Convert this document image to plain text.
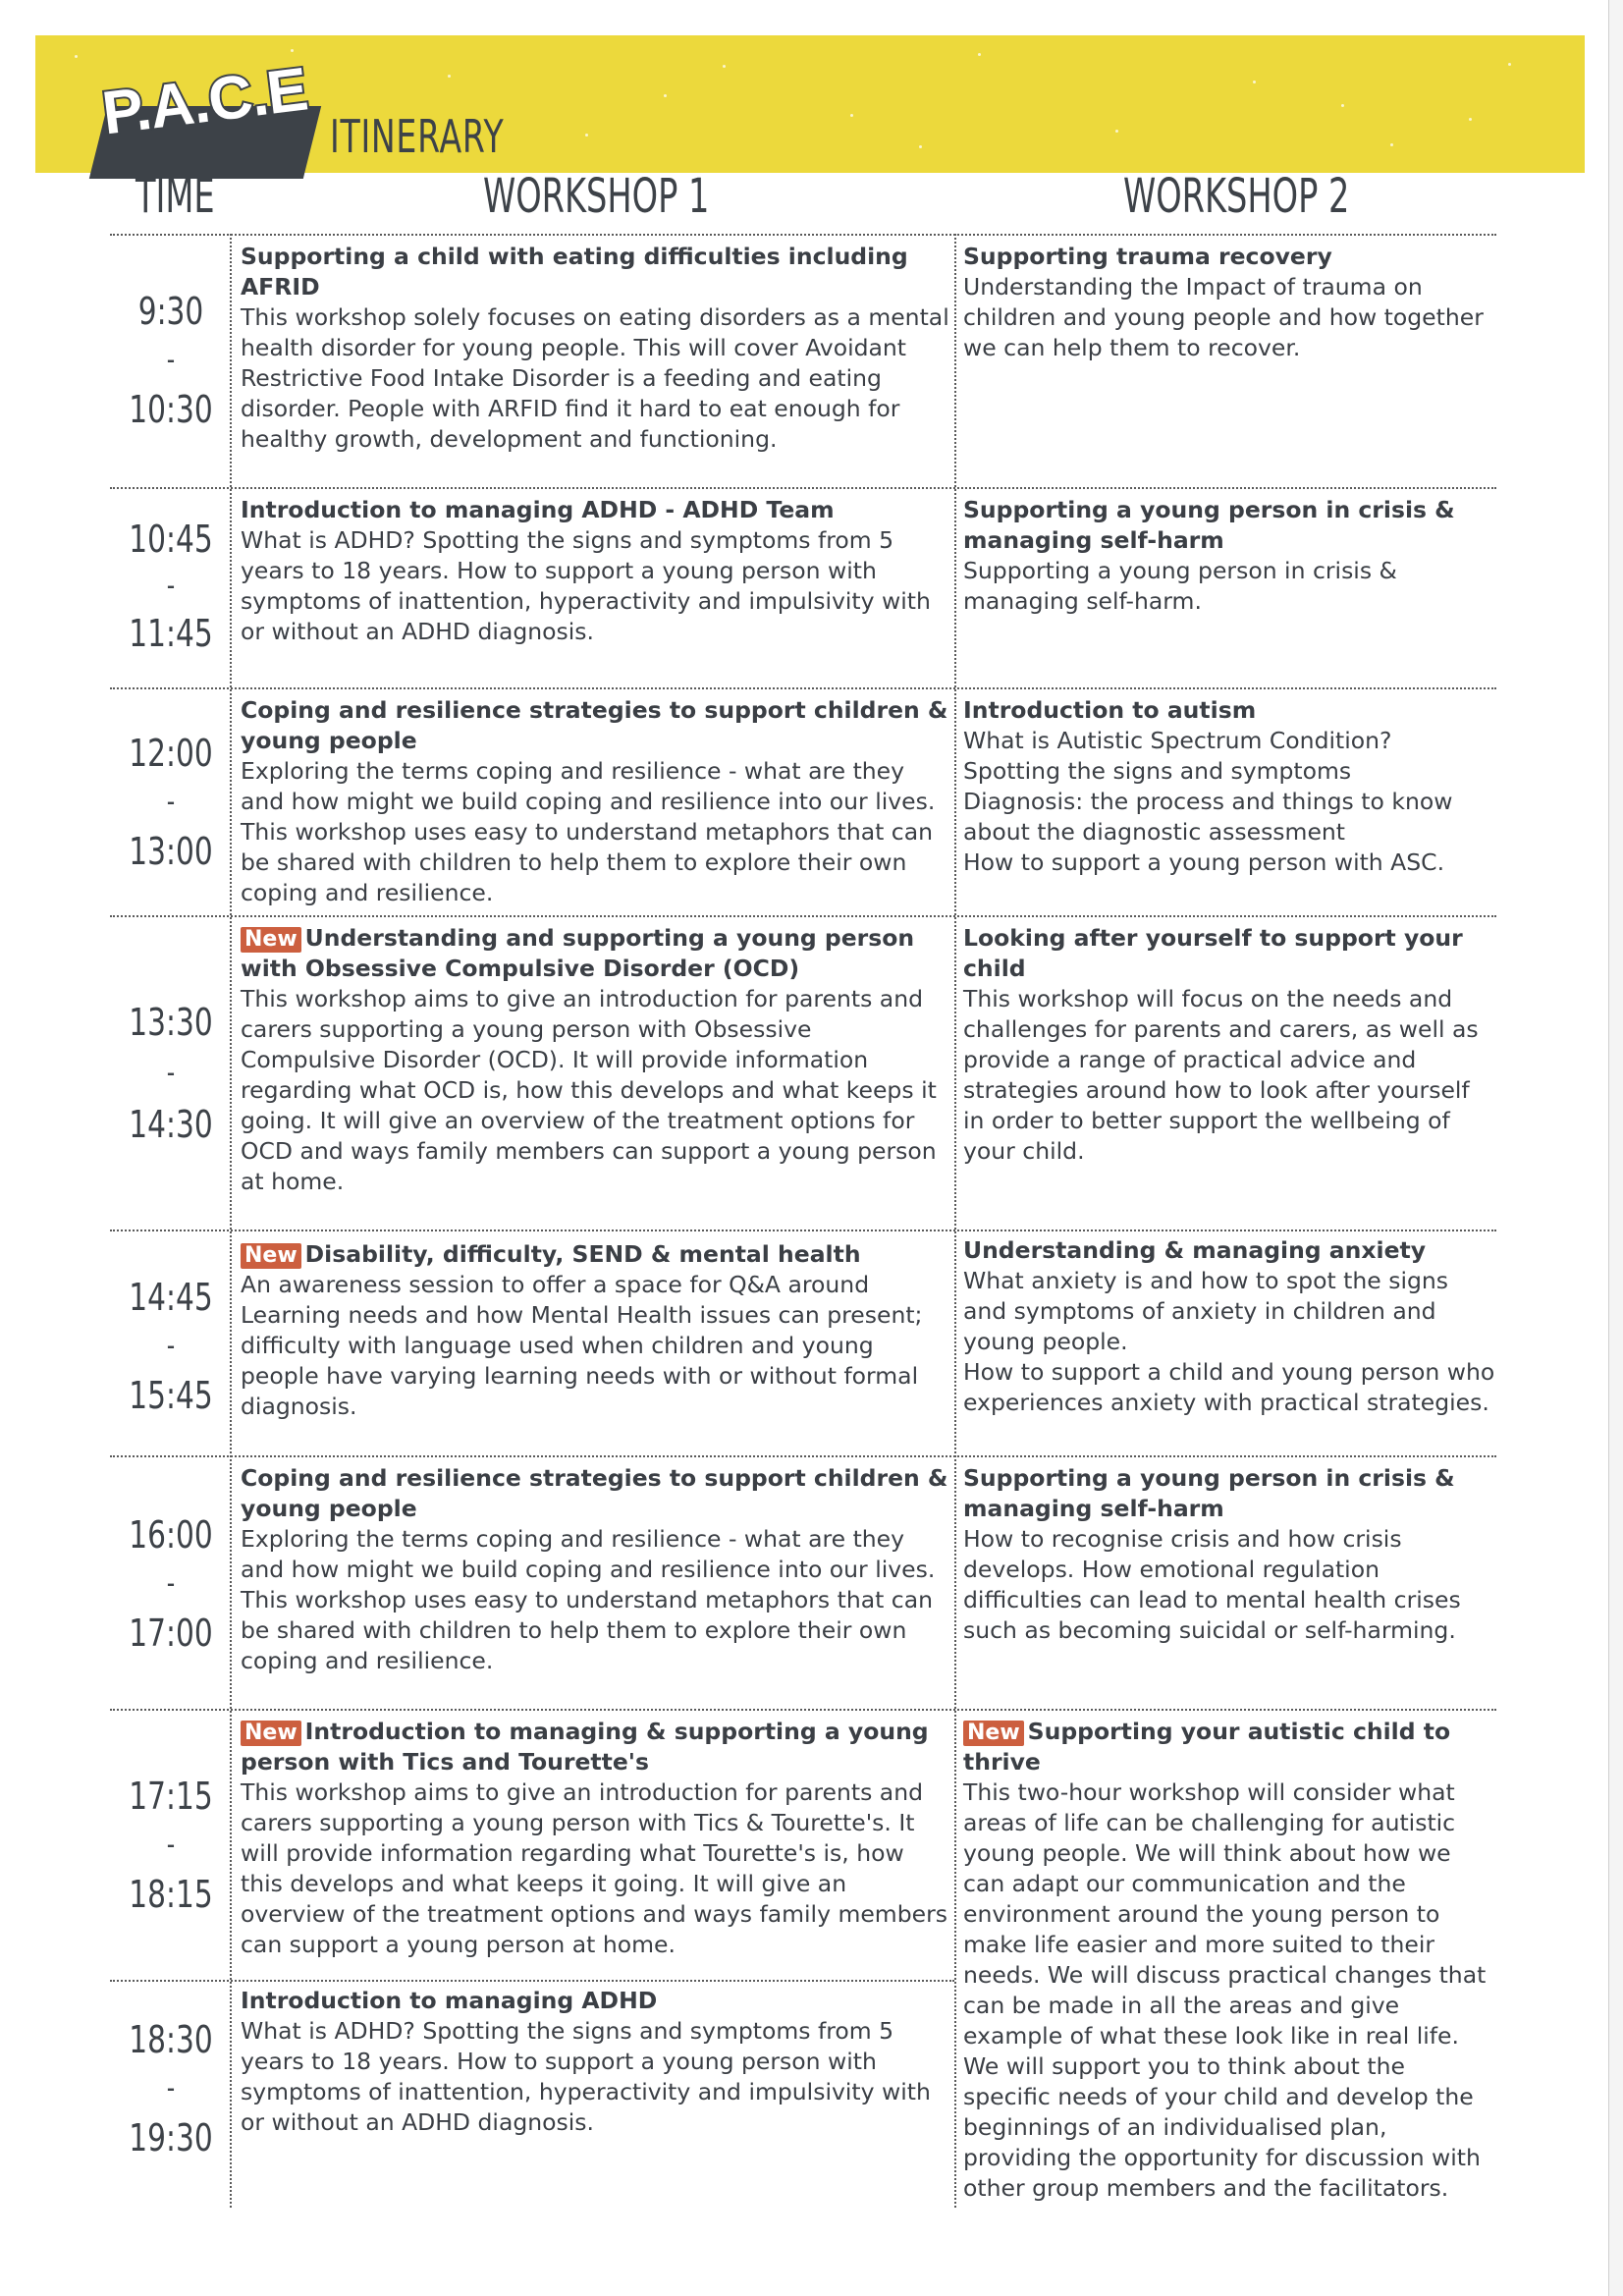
P.A.C.E ITINERARY
TIME	WORKSHOP 1	WORKSHOP 2
9:30
-
10:30
Supporting a child with eating difficulties including AFRID
This workshop solely focuses on eating disorders as a mental health disorder for young people. This will cover Avoidant Restrictive Food Intake Disorder is a feeding and eating disorder. People with ARFID find it hard to eat enough for healthy growth, development and functioning.
Supporting trauma recovery
Understanding the Impact of trauma on children and young people and how together we can help them to recover.
10:45
-
11:45
Introduction to managing ADHD - ADHD Team
What is ADHD? Spotting the signs and symptoms from 5 years to 18 years. How to support a young person with symptoms of inattention, hyperactivity and impulsivity with or without an ADHD diagnosis.
Supporting a young person in crisis & managing self-harm
Supporting a young person in crisis & managing self-harm.
12:00
-
13:00
Coping and resilience strategies to support children & young people
Exploring the terms coping and resilience - what are they and how might we build coping and resilience into our lives. This workshop uses easy to understand metaphors that can be shared with children to help them to explore their own coping and resilience.
Introduction to autism
What is Autistic Spectrum Condition?
Spotting the signs and symptoms
Diagnosis: the process and things to know about the diagnostic assessment
How to support a young person with ASC.
13:30
-
14:30
New Understanding and supporting a young person with Obsessive Compulsive Disorder (OCD)
This workshop aims to give an introduction for parents and carers supporting a young person with Obsessive Compulsive Disorder (OCD). It will provide information regarding what OCD is, how this develops and what keeps it going. It will give an overview of the treatment options for OCD and ways family members can support a young person at home.
Looking after yourself to support your child
This workshop will focus on the needs and challenges for parents and carers, as well as provide a range of practical advice and strategies around how to look after yourself in order to better support the wellbeing of your child.
14:45
-
15:45
New Disability, difficulty, SEND & mental health
An awareness session to offer a space for Q&A around Learning needs and how Mental Health issues can present; difficulty with language used when children and young people have varying learning needs with or without formal diagnosis.
Understanding & managing anxiety
What anxiety is and how to spot the signs and symptoms of anxiety in children and young people.
How to support a child and young person who experiences anxiety with practical strategies.
16:00
-
17:00
Coping and resilience strategies to support children & young people
Exploring the terms coping and resilience - what are they and how might we build coping and resilience into our lives. This workshop uses easy to understand metaphors that can be shared with children to help them to explore their own coping and resilience.
Supporting a young person in crisis & managing self-harm
How to recognise crisis and how crisis develops. How emotional regulation difficulties can lead to mental health crises such as becoming suicidal or self-harming.
17:15
-
18:15
New Introduction to managing & supporting a young person with Tics and Tourette's
This workshop aims to give an introduction for parents and carers supporting a young person with Tics & Tourette's. It will provide information regarding what Tourette's is, how this develops and what keeps it going. It will give an overview of the treatment options and ways family members can support a young person at home.
New Supporting your autistic child to thrive
This two-hour workshop will consider what areas of life can be challenging for autistic young people. We will think about how we can adapt our communication and the environment around the young person to make life easier and more suited to their needs. We will discuss practical changes that can be made in all the areas and give example of what these look like in real life. We will support you to think about the specific needs of your child and develop the beginnings of an individualised plan, providing the opportunity for discussion with other group members and the facilitators.
18:30
-
19:30
Introduction to managing ADHD
What is ADHD? Spotting the signs and symptoms from 5 years to 18 years. How to support a young person with symptoms of inattention, hyperactivity and impulsivity with or without an ADHD diagnosis.
